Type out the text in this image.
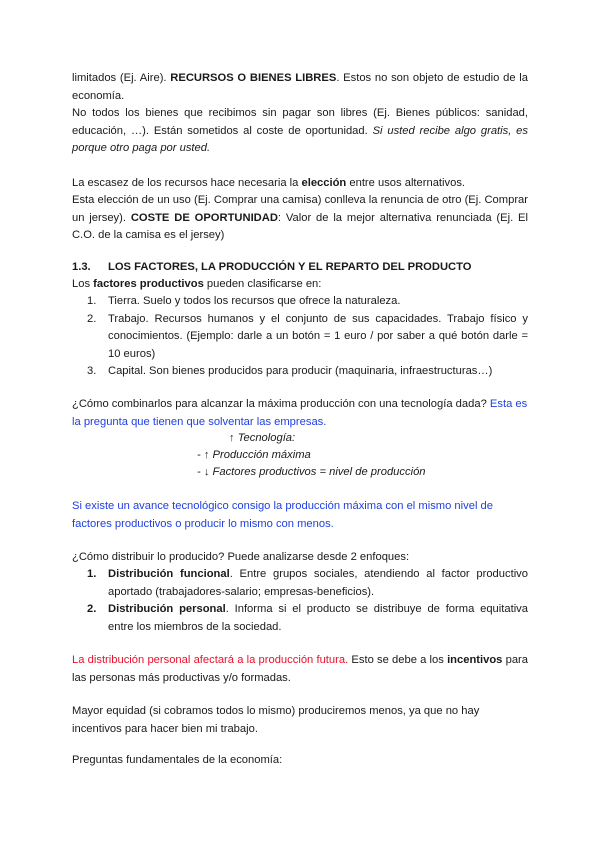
limitados (Ej. Aire). RECURSOS O BIENES LIBRES. Estos no son objeto de estudio de la economía.

No todos los bienes que recibimos sin pagar son libres (Ej. Bienes públicos: sanidad, educación, …). Están sometidos al coste de oportunidad. Si usted recibe algo gratis, es porque otro paga por usted.

La escasez de los recursos hace necesaria la elección entre usos alternativos.

Esta elección de un uso (Ej. Comprar una camisa) conlleva la renuncia de otro (Ej. Comprar un jersey). COSTE DE OPORTUNIDAD: Valor de la mejor alternativa renunciada (Ej. El C.O. de la camisa es el jersey)

1.3. LOS FACTORES, LA PRODUCCIÓN Y EL REPARTO DEL PRODUCTO

Los factores productivos pueden clasificarse en:

1. Tierra. Suelo y todos los recursos que ofrece la naturaleza.
2. Trabajo. Recursos humanos y el conjunto de sus capacidades. Trabajo físico y conocimientos. (Ejemplo: darle a un botón = 1 euro / por saber a qué botón darle = 10 euros)
3. Capital. Son bienes producidos para producir (maquinaria, infraestructuras…)

¿Cómo combinarlos para alcanzar la máxima producción con una tecnología dada? Esta es la pregunta que tienen que solventar las empresas.

↑ Tecnología:
- ↑ Producción máxima
- ↓ Factores productivos = nivel de producción

Si existe un avance tecnológico consigo la producción máxima con el mismo nivel de factores productivos o producir lo mismo con menos.

¿Cómo distribuir lo producido? Puede analizarse desde 2 enfoques:

1. Distribución funcional. Entre grupos sociales, atendiendo al factor productivo aportado (trabajadores-salario; empresas-beneficios).
2. Distribución personal. Informa si el producto se distribuye de forma equitativa entre los miembros de la sociedad.

La distribución personal afectará a la producción futura. Esto se debe a los incentivos para las personas más productivas y/o formadas.

Mayor equidad (si cobramos todos lo mismo) produciremos menos, ya que no hay incentivos para hacer bien mi trabajo.

Preguntas fundamentales de la economía:
